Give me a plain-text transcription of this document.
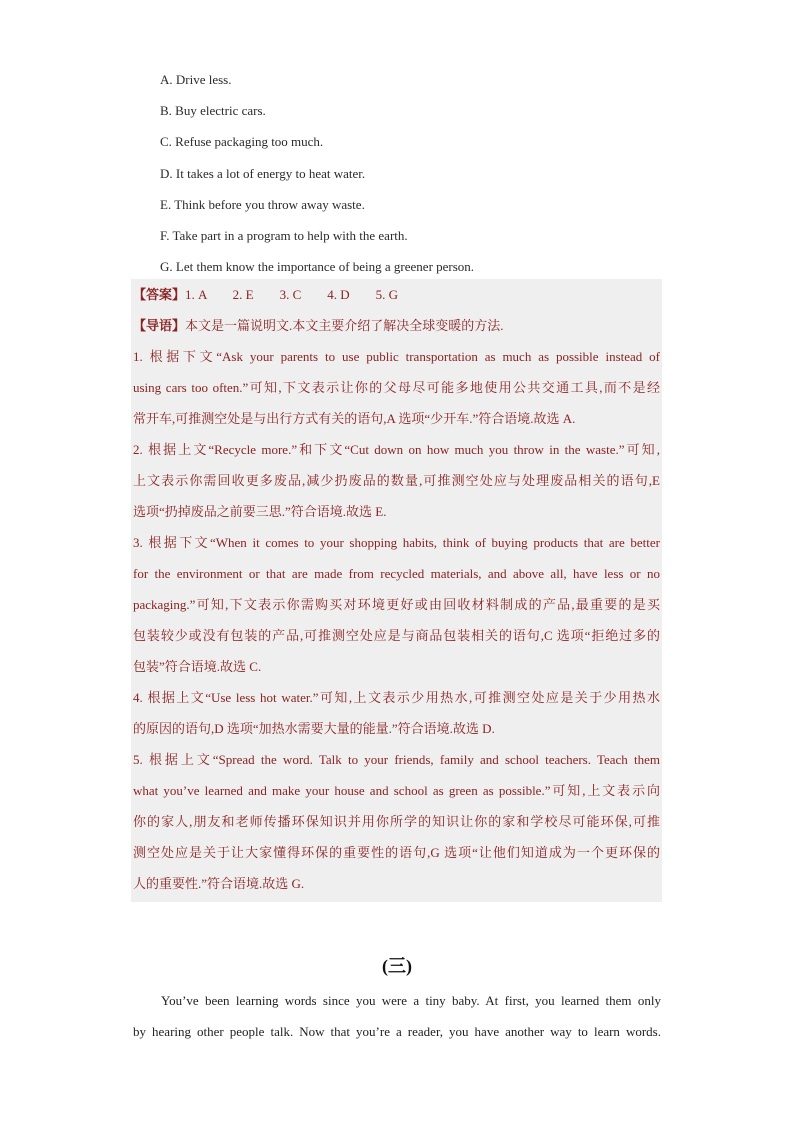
A. Drive less.
B. Buy electric cars.
C. Refuse packaging too much.
D. It takes a lot of energy to heat water.
E. Think before you throw away waste.
F. Take part in a program to help with the earth.
G. Let them know the importance of being a greener person.
【答案】1. A        2. E        3. C        4. D        5. G
【导语】本文是一篇说明文.本文主要介绍了解决全球变暖的方法.
1. 根据下文“Ask your parents to use public transportation as much as possible instead of
using cars too often.”可知,下文表示让你的父母尽可能多地使用公共交通工具,而不是经
常开车,可推测空处是与出行方式有关的语句,A 选项“少开车.”符合语境.故选 A.
2. 根据上文“Recycle more.”和下文“Cut down on how much you throw in the waste.”可知,
上文表示你需回收更多废品,减少扔废品的数量,可推测空处应与处理废品相关的语句,E
选项“扔掉废品之前要三思.”符合语境.故选 E.
3. 根据下文“When it comes to your shopping habits, think of buying products that are better
for the environment or that are made from recycled materials, and above all, have less or no
packaging.”可知,下文表示你需购买对环境更好或由回收材料制成的产品,最重要的是买
包装较少或没有包装的产品,可推测空处应是与商品包装相关的语句,C 选项“拒绝过多的
包装”符合语境.故选 C.
4. 根据上文“Use less hot water.”可知,上文表示少用热水,可推测空处应是关于少用热水
的原因的语句,D 选项“加热水需要大量的能量.”符合语境.故选 D.
5. 根据上文“Spread the word. Talk to your friends, family and school teachers. Teach them
what you’ve learned and make your house and school as green as possible.”可知,上文表示向
你的家人,朋友和老师传播环保知识并用你所学的知识让你的家和学校尽可能环保,可推
测空处应是关于让大家懂得环保的重要性的语句,G 选项“让他们知道成为一个更环保的
人的重要性.”符合语境.故选 G.
(三)
You’ve been learning words since you were a tiny baby. At first, you learned them only
by hearing other people talk. Now that you’re a reader, you have another way to learn words.
